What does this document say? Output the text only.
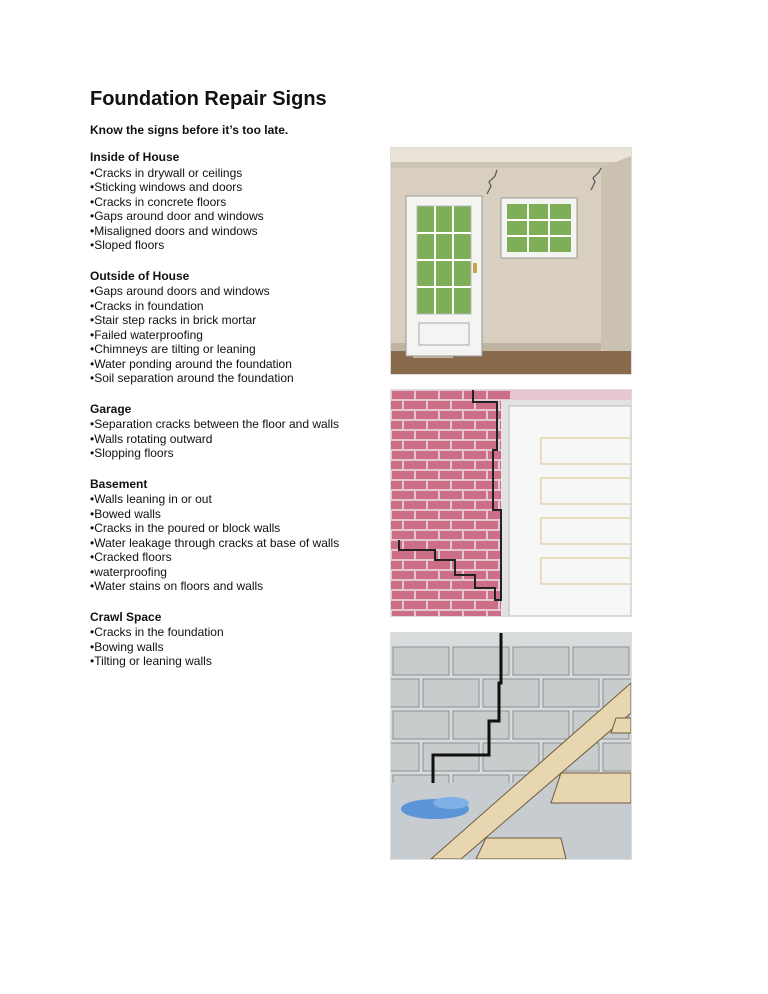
Foundation Repair Signs
Know the signs before it’s too late.
Inside of House
• Cracks in drywall or ceilings
• Sticking windows and doors
• Cracks in concrete floors
• Gaps around door and windows
• Misaligned doors and windows
• Sloped floors
Outside of House
• Gaps around doors and windows
• Cracks in foundation
• Stair step racks in brick mortar
• Failed waterproofing
• Chimneys are tilting or leaning
• Water ponding around the foundation
• Soil separation around the foundation
Garage
• Separation cracks between the floor and walls
• Walls rotating outward
• Slopping floors
Basement
• Walls leaning in or out
• Bowed walls
• Cracks in the poured or block walls
• Water leakage through cracks at base of walls
• Cracked floors
• waterproofing
• Water stains on floors and walls
Crawl Space
• Cracks in the foundation
• Bowing walls
• Tilting or leaning walls
